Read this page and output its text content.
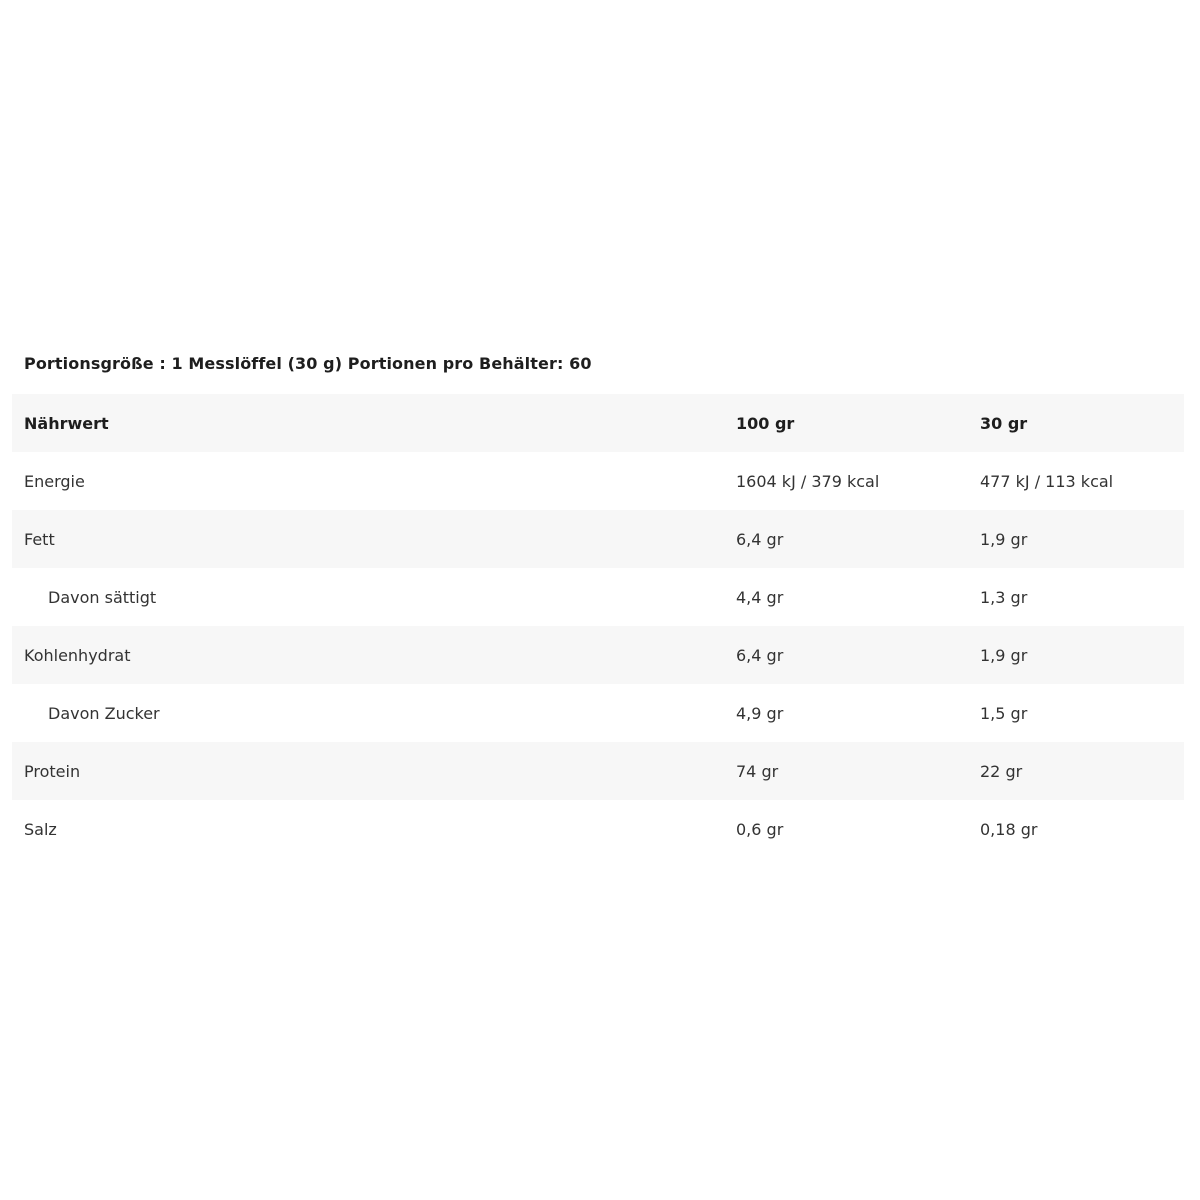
Portionsgröße : 1 Messlöffel (30 g) Portionen pro Behälter: 60
Nährwert	100 gr	30 gr
Energie	1604 kJ / 379 kcal	477 kJ / 113 kcal
Fett	6,4 gr	1,9 gr
Davon sättigt	4,4 gr	1,3 gr
Kohlenhydrat	6,4 gr	1,9 gr
Davon Zucker	4,9 gr	1,5 gr
Protein	74 gr	22 gr
Salz	0,6 gr	0,18 gr
